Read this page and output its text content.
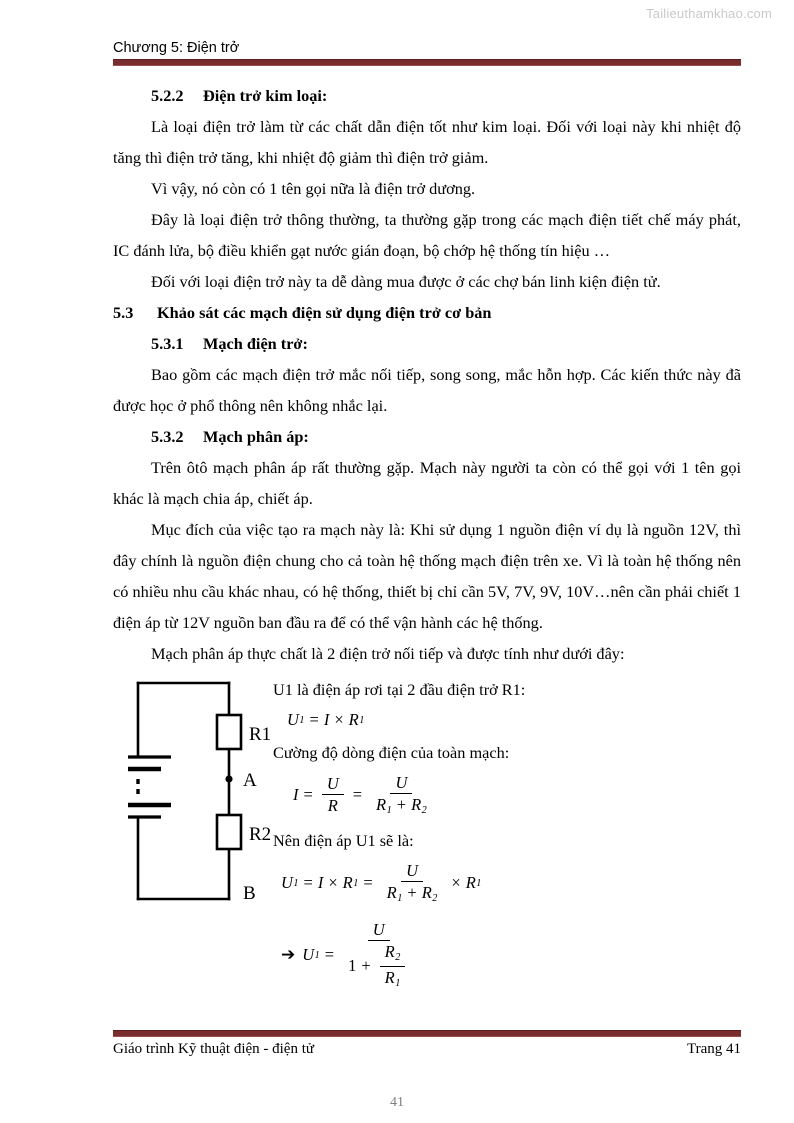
Tailieuthamkhao.com
Chương 5: Điện trở
5.2.2 Điện trở kim loại:

Là loại điện trở làm từ các chất dẫn điện tốt như kim loại. Đối với loại này khi nhiệt độ tăng thì điện trở tăng, khi nhiệt độ giảm thì điện trở giảm.

Vì vậy, nó còn có 1 tên gọi nữa là điện trở dương.

Đây là loại điện trở thông thường, ta thường gặp trong các mạch điện tiết chế máy phát, IC đánh lửa, bộ điều khiển gạt nước gián đoạn, bộ chớp hệ thống tín hiệu …

Đối với loại điện trở này ta dễ dàng mua được ở các chợ bán linh kiện điện tử.

5.3 Khảo sát các mạch điện sử dụng điện trở cơ bản
5.3.1 Mạch điện trở:

Bao gồm các mạch điện trở mắc nối tiếp, song song, mắc hỗn hợp. Các kiến thức này đã được học ở phổ thông nên không nhắc lại.

5.3.2 Mạch phân áp:

Trên ôtô mạch phân áp rất thường gặp. Mạch này người ta còn có thể gọi với 1 tên gọi khác là mạch chia áp, chiết áp.

Mục đích của việc tạo ra mạch này là: Khi sử dụng 1 nguồn điện ví dụ là nguồn 12V, thì đây chính là nguồn điện chung cho cả toàn hệ thống mạch điện trên xe. Vì là toàn hệ thống nên có nhiều nhu cầu khác nhau, có hệ thống, thiết bị chỉ cần 5V, 7V, 9V, 10V…nên cần phải chiết 1 điện áp từ 12V nguồn ban đầu ra để có thể vận hành các hệ thống.

Mạch phân áp thực chất là 2 điện trở nối tiếp và được tính như dưới đây:

R1
R2
A
B

U1 là điện áp rơi tại 2 đầu điện trở R1:

U 1 = I × R 1

Cường độ dòng điện của toàn mạch:

$I = \frac{U}{R} = \frac{U}{R_1 + R_2}$

Nên điện áp U1 sẽ là:

U 1 = I × R $1 = \frac{U}{R_1 + R_2} \times R$ 1
➔ U 1 =
U
$1 + \frac{R_2}{R_1}$
Giáo trình Kỹ thuật điện - điện tử	Trang 41
41
